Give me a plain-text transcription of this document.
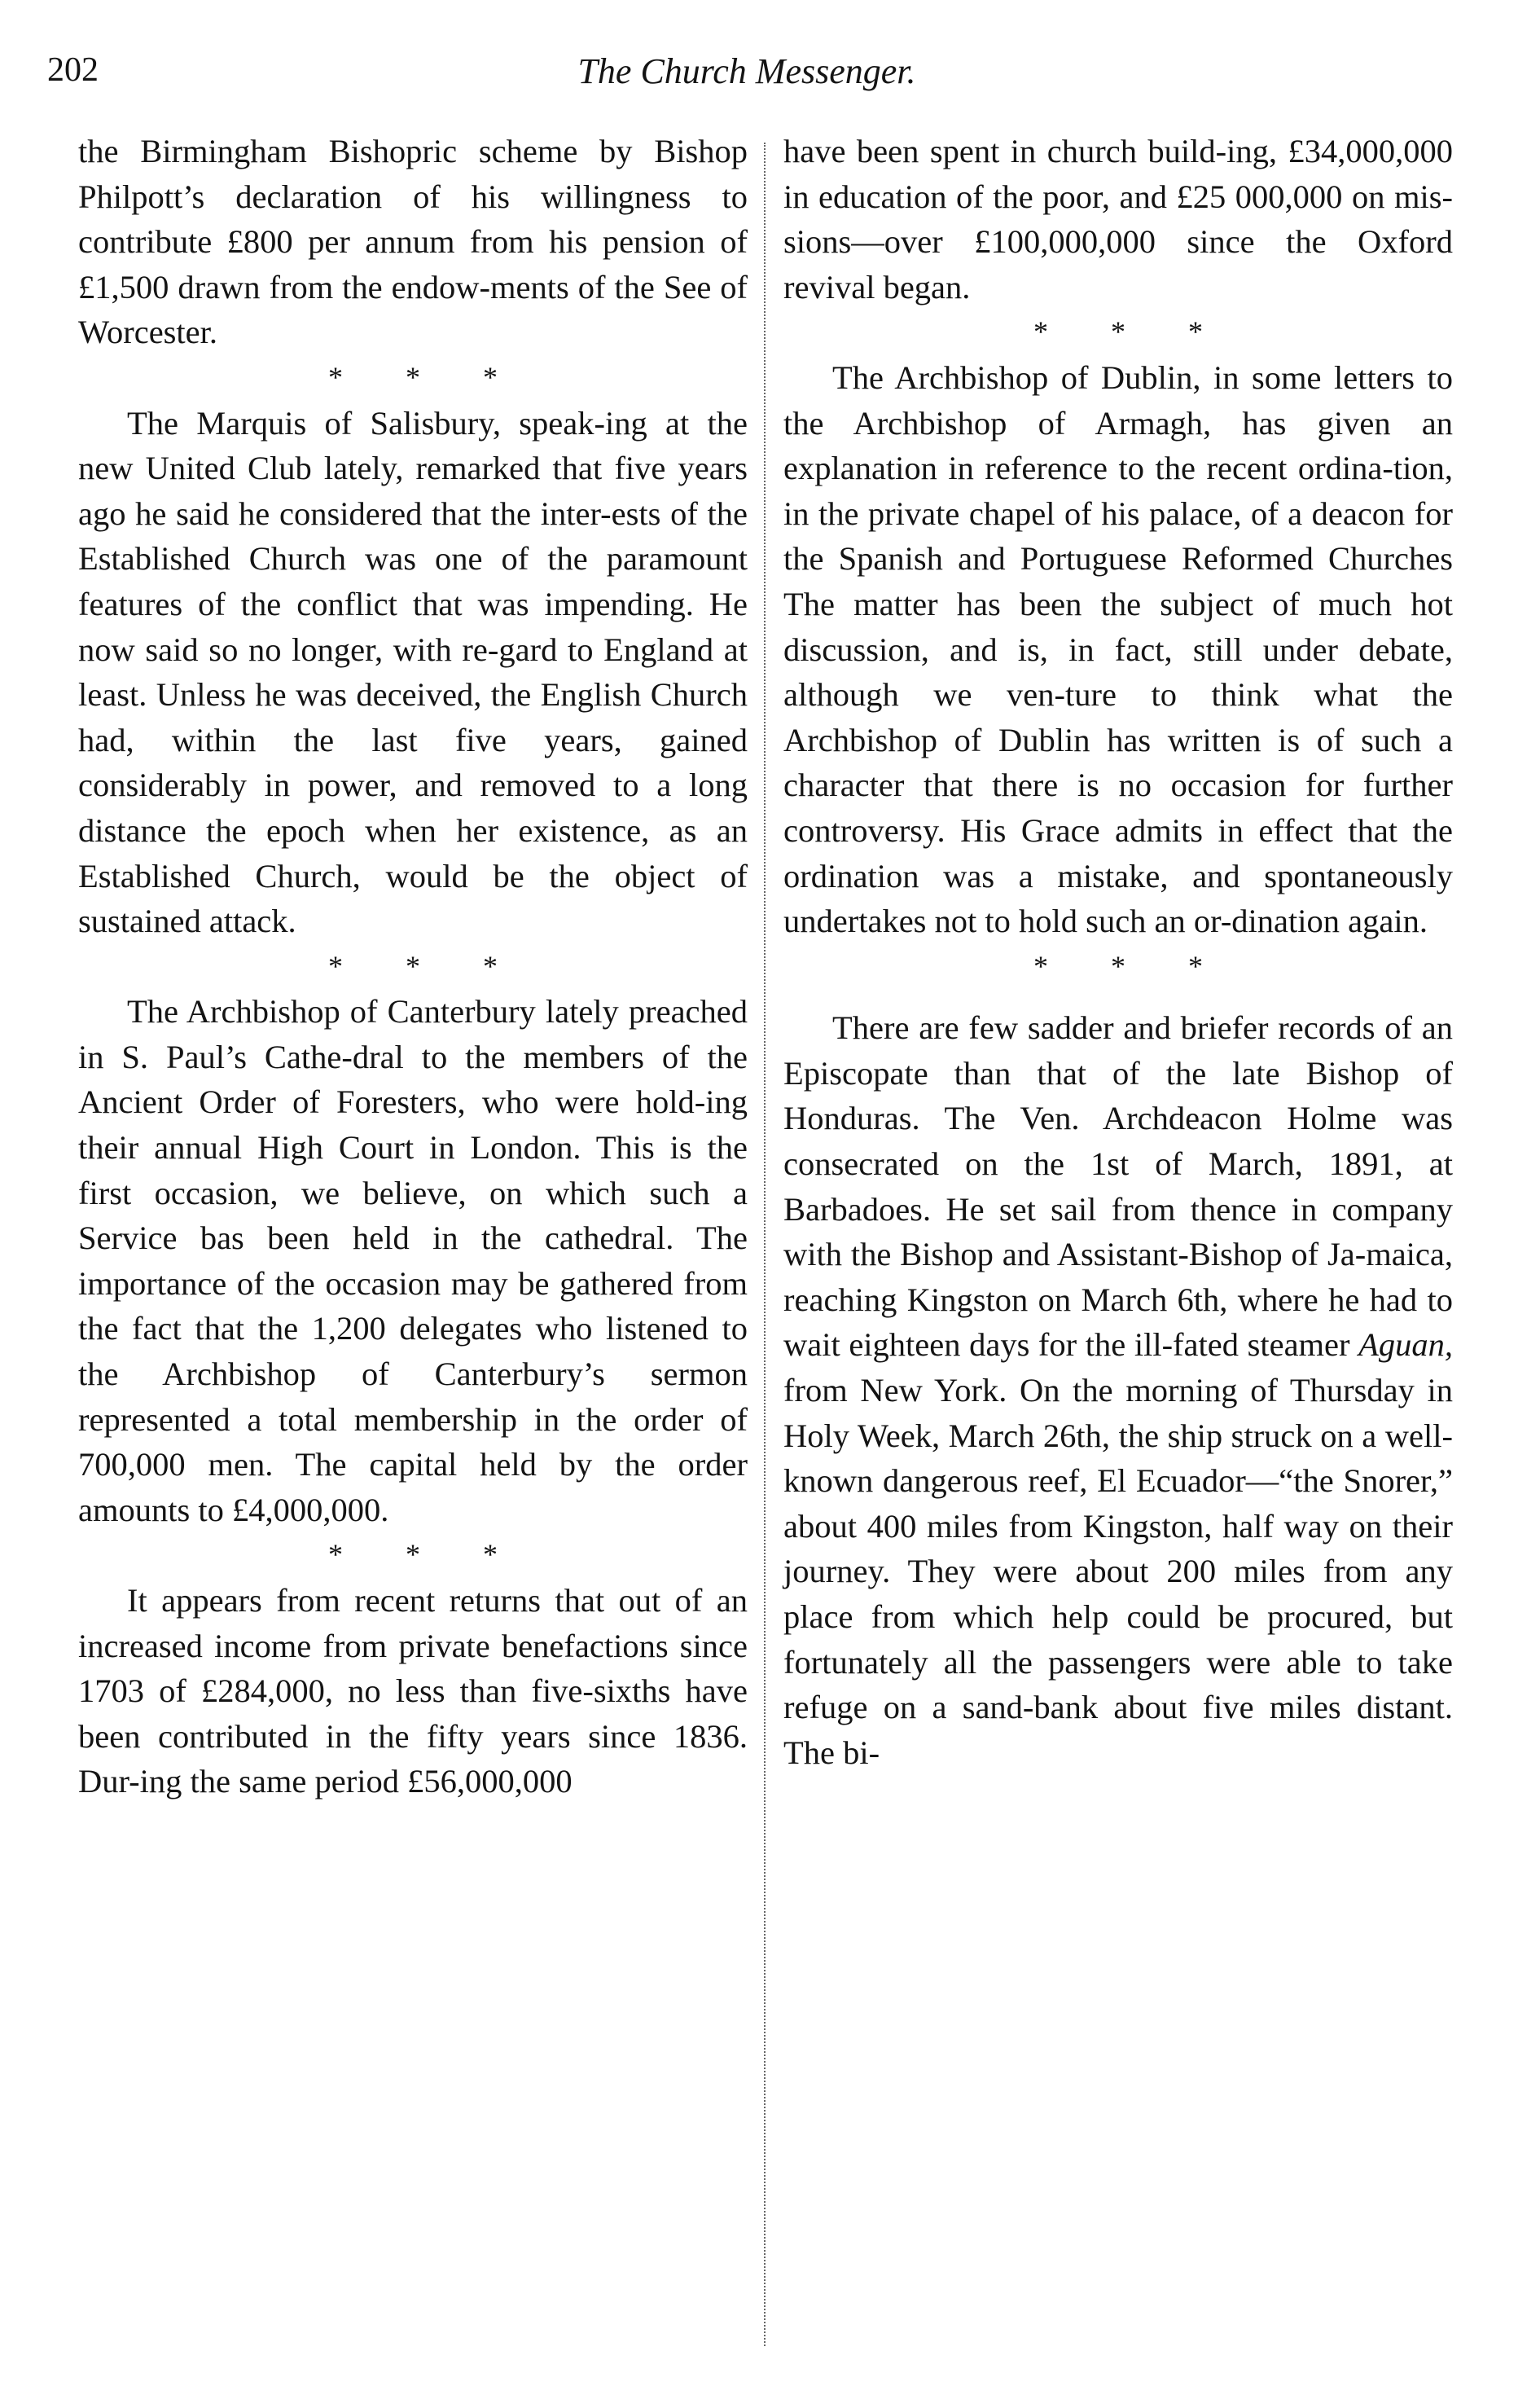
202	The Church Messenger.

the Birmingham Bishopric scheme by Bishop Philpott’s declaration of his willingness to contribute £800 per annum from his pension of £1,500 drawn from the endow-ments of the See of Worcester.

* * *

The Marquis of Salisbury, speak-ing at the new United Club lately, remarked that five years ago he said he considered that the inter-ests of the Established Church was one of the paramount features of the conflict that was impending. He now said so no longer, with re-gard to England at least. Unless he was deceived, the English Church had, within the last five years, gained considerably in power, and removed to a long distance the epoch when her existence, as an Established Church, would be the object of sustained attack.

* * *

The Archbishop of Canterbury lately preached in S. Paul’s Cathe-dral to the members of the Ancient Order of Foresters, who were hold-ing their annual High Court in London. This is the first occasion, we believe, on which such a Service bas been held in the cathedral. The importance of the occasion may be gathered from the fact that the 1,200 delegates who listened to the Archbishop of Canterbury’s sermon represented a total membership in the order of 700,000 men. The capital held by the order amounts to £4,000,000.

* * *

It appears from recent returns that out of an increased income from private benefactions since 1703 of £284,000, no less than five-sixths have been contributed in the fifty years since 1836. Dur-ing the same period £56,000,000

have been spent in church build-ing, £34,000,000 in education of the poor, and £25 000,000 on mis-sions—over £100,000,000 since the Oxford revival began.

* * *

The Archbishop of Dublin, in some letters to the Archbishop of Armagh, has given an explanation in reference to the recent ordina-tion, in the private chapel of his palace, of a deacon for the Spanish and Portuguese Reformed Churches The matter has been the subject of much hot discussion, and is, in fact, still under debate, although we ven-ture to think what the Archbishop of Dublin has written is of such a character that there is no occasion for further controversy. His Grace admits in effect that the ordination was a mistake, and spontaneously undertakes not to hold such an or-dination again.

* * *

There are few sadder and briefer records of an Episcopate than that of the late Bishop of Honduras. The Ven. Archdeacon Holme was consecrated on the 1st of March, 1891, at Barbadoes. He set sail from thence in company with the Bishop and Assistant-Bishop of Ja-maica, reaching Kingston on March 6th, where he had to wait eighteen days for the ill-fated steamer Aguan, from New York. On the morning of Thursday in Holy Week, March 26th, the ship struck on a well-known dangerous reef, El Ecuador—“the Snorer,” about 400 miles from Kingston, half way on their journey. They were about 200 miles from any place from which help could be procured, but fortunately all the passengers were able to take refuge on a sand-bank about five miles distant. The bi-
